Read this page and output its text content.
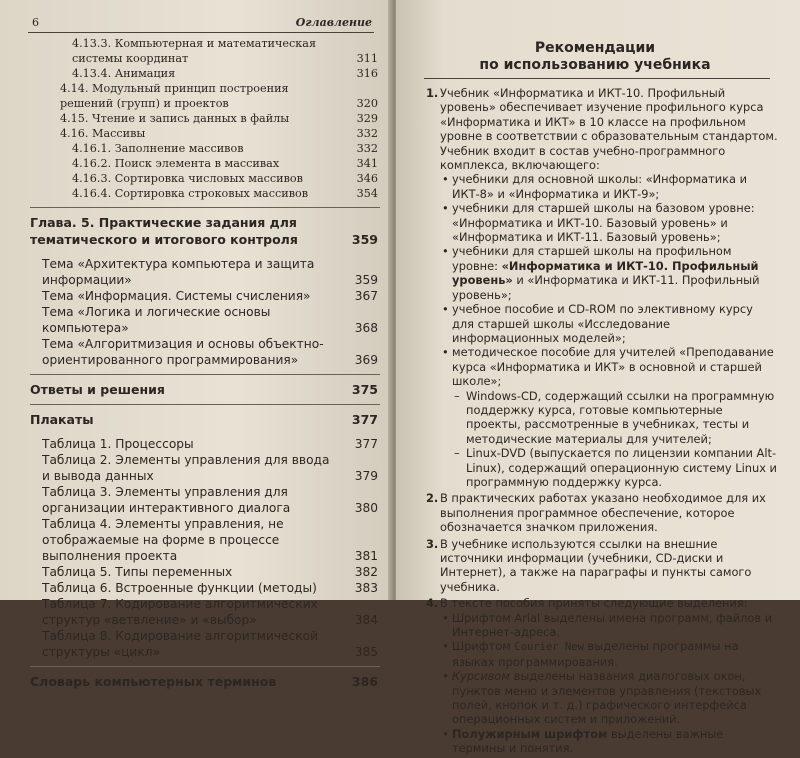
6	Оглавление
4.13.3. Компьютерная и математическая системы координат	311
4.13.4. Анимация	316
4.14. Модульный принцип построения решений (групп) и проектов	320
4.15. Чтение и запись данных в файлы	329
4.16. Массивы	332
4.16.1. Заполнение массивов	332
4.16.2. Поиск элемента в массивах	341
4.16.3. Сортировка числовых массивов	346
4.16.4. Сортировка строковых массивов	354
Глава. 5. Практические задания для тематического и итогового контроля	359
Тема «Архитектура компьютера и защита информации»	359
Тема «Информация. Системы счисления»	367
Тема «Логика и логические основы компьютера»	368
Тема «Алгоритмизация и основы объектно-ориентированного программирования»	369
Ответы и решения	375
Плакаты	377
Таблица 1. Процессоры	377
Таблица 2. Элементы управления для ввода и вывода данных	379
Таблица 3. Элементы управления для организации интерактивного диалога	380
Таблица 4. Элементы управления, не отображаемые на форме в процессе выполнения проекта	381
Таблица 5. Типы переменных	382
Таблица 6. Встроенные функции (методы)	383
Таблица 7. Кодирование алгоритмических структур «ветвление» и «выбор»	384
Таблица 8. Кодирование алгоритмической структуры «цикл»	385
Словарь компьютерных терминов	386
Рекомендации
по использованию учебника
1. Учебник «Информатика и ИКТ-10. Профильный уровень» обеспечивает изучение профильного курса «Информатика и ИКТ» в 10 классе на профильном уровне в соответствии с образовательным стандартом. Учебник входит в состав учебно-программного комплекса, включающего:
• учебники для основной школы: «Информатика и ИКТ-8» и «Информатика и ИКТ-9»;
• учебники для старшей школы на базовом уровне: «Информатика и ИКТ-10. Базовый уровень» и «Информатика и ИКТ-11. Базовый уровень»;
• учебники для старшей школы на профильном уровне: «Информатика и ИКТ-10. Профильный уровень» и «Информатика и ИКТ-11. Профильный уровень»;
• учебное пособие и CD-ROM по элективному курсу для старшей школы «Исследование информационных моделей»;
• методическое пособие для учителей «Преподавание курса «Информатика и ИКТ» в основной и старшей школе»;
– Windows-CD, содержащий ссылки на программную поддержку курса, готовые компьютерные проекты, рассмотренные в учебниках, тесты и методические материалы для учителей;
– Linux-DVD (выпускается по лицензии компании Alt-Linux), содержащий операционную систему Linux и программную поддержку курса.
2. В практических работах указано необходимое для их выполнения программное обеспечение, которое обозначается значком приложения.
3. В учебнике используются ссылки на внешние источники информации (учебники, CD-диски и Интернет), а также на параграфы и пункты самого учебника.
4. В тексте пособия приняты следующие выделения:
• Шрифтом Arial выделены имена программ, файлов и Интернет-адреса.
• Шрифтом Courier New выделены программы на языках программирования.
• Курсивом выделены названия диалоговых окон, пунктов меню и элементов управления (текстовых полей, кнопок и т. д.) графического интерфейса операционных систем и приложений.
• Полужирным шрифтом выделены важные термины и понятия.
